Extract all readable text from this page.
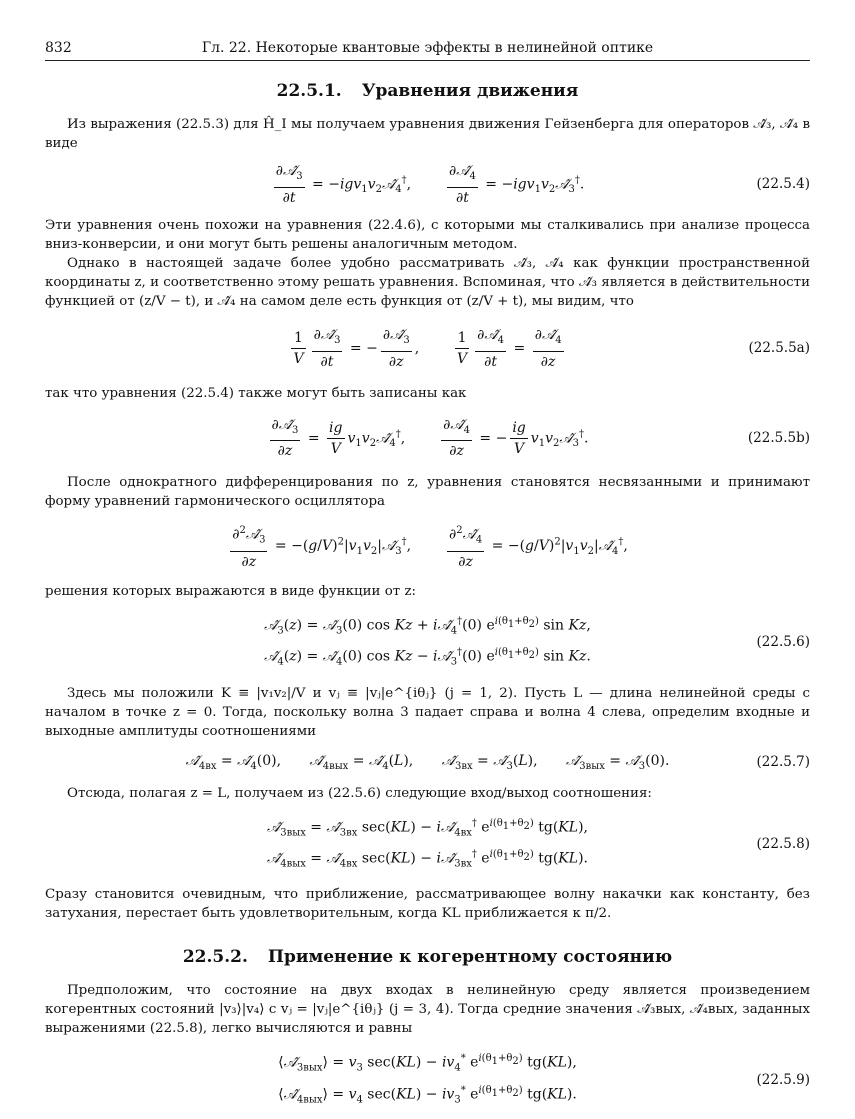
832	Гл. 22. Некоторые квантовые эффекты в нелинейной оптике
22.5.1. Уравнения движения

Из выражения (22.5.3) для Ĥ_I мы получаем уравнения движения Гейзенберга для операторов 𝒜̂₃, 𝒜̂₄ в виде

$\frac{\partial 𝒜̂_3}{\partial t}$ = $-igv_1v_2𝒜̂_4^\dagger$, $\frac{\partial 𝒜̂_4}{\partial t}$ = $-igv_1v_2𝒜̂_3^\dagger$.	(22.5.4)

Эти уравнения очень похожи на уравнения (22.4.6), с которыми мы сталкивались при анализе процесса вниз-конверсии, и они могут быть решены аналогичным методом.

Однако в настоящей задаче более удобно рассматривать 𝒜̂₃, 𝒜̂₄ как функции пространственной координаты z, и соответственно этому решать уравнения. Вспоминая, что 𝒜̂₃ является в действительности функцией от (z/V − t), и 𝒜̂₄ на самом деле есть функция от (z/V + t), мы видим, что

$\frac{1}{V} \frac{\partial 𝒜̂_3}{\partial t}$ = − $\frac{\partial 𝒜̂_3}{\partial z}$ , $\frac{1}{V} \frac{\partial 𝒜̂_4}{\partial t} = \frac{\partial 𝒜̂_4}{\partial z}$	(22.5.5a)

так что уравнения (22.5.4) также могут быть записаны как

$\frac{\partial 𝒜̂_3}{\partial z} = \frac{ig}{V}$ $v_1v_2𝒜̂_4^\dagger$, $\frac{\partial 𝒜̂_4}{\partial z}$ = − $\frac{ig}{V}$ $v_1v_2𝒜̂_3^\dagger$.	(22.5.5b)

После однократного дифференцирования по z, уравнения становятся несвязанными и принимают форму уравнений гармонического осциллятора

$\frac{\partial^2𝒜̂_3}{\partial z}$ = $-(g/V)^2|v_1v_2|𝒜̂_3^\dagger$, $\frac{\partial^2𝒜̂_4}{\partial z}$ = $-(g/V)^2|v_1v_2|𝒜̂_4^\dagger$,

решения которых выражаются в виде функции от z:

$𝒜̂_3(z)$ = $𝒜̂_3(0)$ $\cos Kz + i𝒜̂_4^\dagger(0)$ $e^{i(\theta_1+\theta_2)}$ sin Kz,
$𝒜̂_4(z)$ = $𝒜̂_4(0)$ $\cos Kz - i𝒜̂_3^\dagger(0)$ $e^{i(\theta_1+\theta_2)}$ sin Kz.
(22.5.6)

Здесь мы положили K ≡ |v₁v₂|/V и vⱼ ≡ |vⱼ|e^{iθⱼ} (j = 1, 2). Пусть L — длина нелинейной среды с началом в точке z = 0. Тогда, поскольку волна 3 падает справа и волна 4 слева, определим входные и выходные амплитуды соотношениями

$𝒜̂_{4вх}$ = $𝒜̂_4(0)$, $𝒜̂_{4вых}$ = $𝒜̂_4(L)$, $𝒜̂_{3вх}$ = $𝒜̂_3(L)$, $𝒜̂_{3вых}$ = $𝒜̂_3(0)$.	(22.5.7)

Отсюда, полагая z = L, получаем из (22.5.6) следующие вход/выход соотношения:

$𝒜̂_{3вых}$ = $𝒜̂_{3вх}$ $\sec(KL) - i𝒜̂_{4вх}^\dagger$ $e^{i(\theta_1+\theta_2)}$ tg(KL),
$𝒜̂_{4вых}$ = $𝒜̂_{4вх}$ $\sec(KL) - i𝒜̂_{3вх}^\dagger$ $e^{i(\theta_1+\theta_2)}$ tg(KL).
(22.5.8)

Сразу становится очевидным, что приближение, рассматривающее волну накачки как константу, без затухания, перестает быть удовлетворительным, когда KL приближается к π/2.

22.5.2. Применение к когерентному состоянию

Предположим, что состояние на двух входах в нелинейную среду является произведением когерентных состояний |v₃⟩|v₄⟩ с vⱼ = |vⱼ|e^{iθⱼ} (j = 3, 4). Тогда средние значения 𝒜̂₃вых, 𝒜̂₄вых, заданных выражениями (22.5.8), легко вычисляются и равны

$⟨𝒜̂_{3вых}⟩ = v_3$ $\sec(KL) - iv_4^*$ $e^{i(\theta_1+\theta_2)}$ tg(KL),
$⟨𝒜̂_{4вых}⟩ = v_4$ $\sec(KL) - iv_3^*$ $e^{i(\theta_1+\theta_2)}$ tg(KL).
(22.5.9)
